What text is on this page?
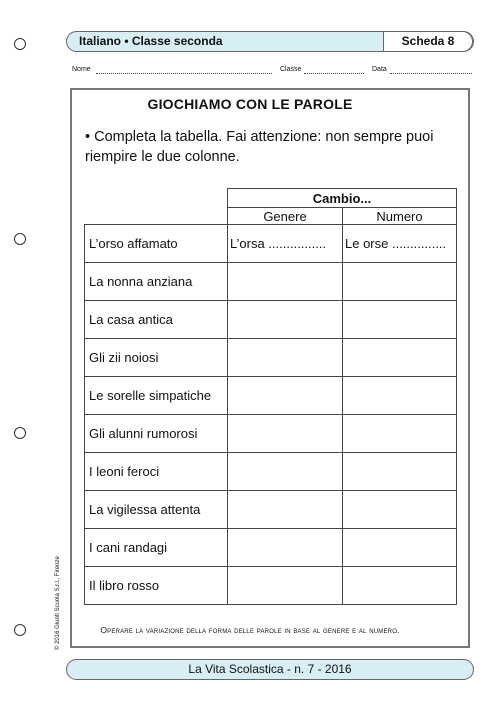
Italiano • Classe seconda	Scheda 8
Nome	Classe	Data
GIOCHIAMO CON LE PAROLE
• Completa la tabella. Fai attenzione: non sempre puoi riempire le due colonne.
	Cambio...	
	Genere	Numero
L’orso affamato	L’orsa ................	Le orse ...............
La nonna anziana		
La casa antica		
Gli zii noiosi		
Le sorelle simpatiche		
Gli alunni rumorosi		
I leoni feroci		
La vigilessa attenta		
I cani randagi		
Il libro rosso		
Operare la variazione della forma delle parole in base al genere e al numero.
© 2016 Giunti Scuola S.r.l., Firenze
La Vita Scolastica - n. 7 - 2016
